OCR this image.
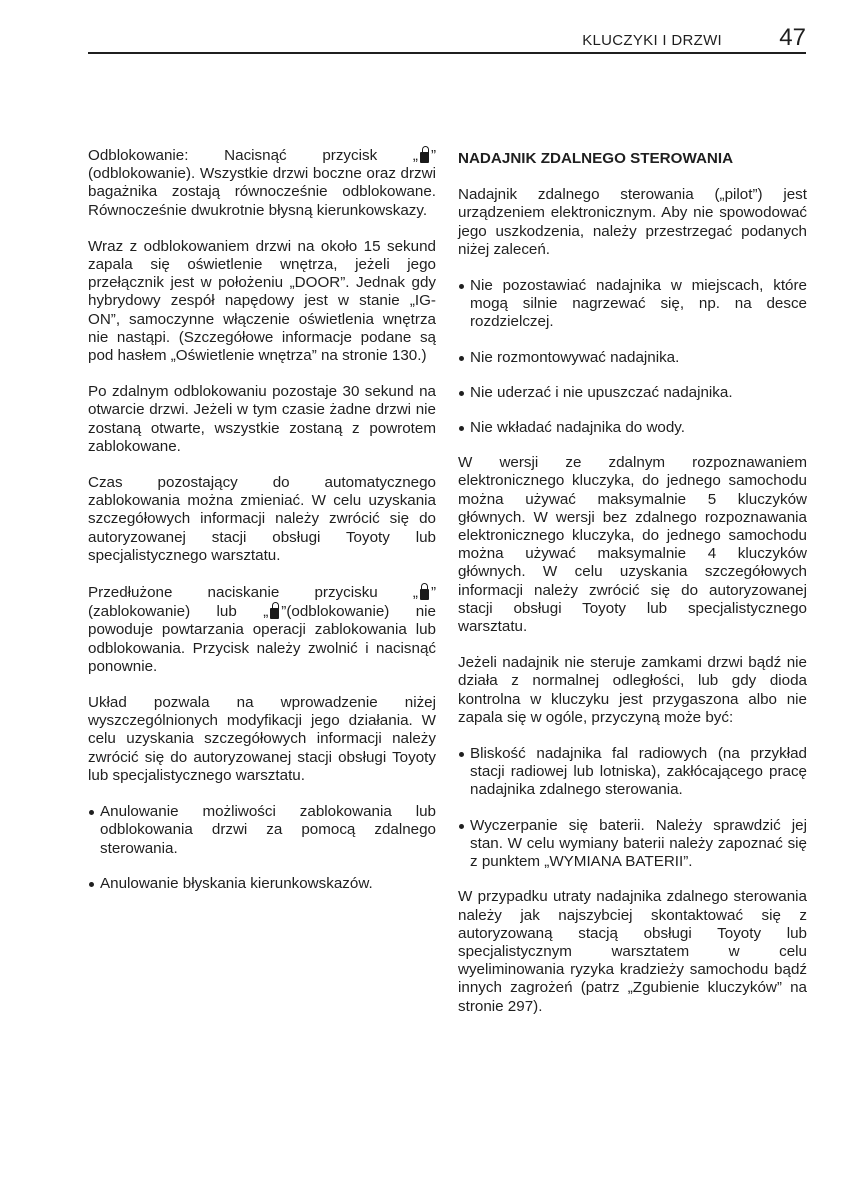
KLUCZYKI I DRZWI 47

Odblokowanie: Nacisnąć przycisk „ ” (odblokowanie). Wszystkie drzwi boczne oraz drzwi bagażnika zostają równocześnie odblokowane. Równocześnie dwukrotnie błysną kierunkowskazy.

Wraz z odblokowaniem drzwi na około 15 sekund zapala się oświetlenie wnętrza, jeżeli jego przełącznik jest w położeniu „DOOR”. Jednak gdy hybrydowy zespół napędowy jest w stanie „IG- ON”, samoczynne włączenie oświetlenia wnętrza nie nastąpi. (Szczegółowe informacje podane są pod hasłem „Oświetlenie wnętrza” na stronie 130.)

Po zdalnym odblokowaniu pozostaje 30 sekund na otwarcie drzwi. Jeżeli w tym czasie żadne drzwi nie zostaną otwarte, wszystkie zostaną z powrotem zablokowane.

Czas pozostający do automatycznego zablokowania można zmieniać. W celu uzyskania szczegółowych informacji należy zwrócić się do autoryzowanej stacji obsługi Toyoty lub specjalistycznego warsztatu.

Przedłużone naciskanie przycisku „ ” (zablokowanie) lub „ ”(odblokowanie) nie powoduje powtarzania operacji zablokowania lub odblokowania. Przycisk należy zwolnić i nacisnąć ponownie.

Układ pozwala na wprowadzenie niżej wyszczególnionych modyfikacji jego działania. W celu uzyskania szczegółowych informacji należy zwrócić się do autoryzowanej stacji obsługi Toyoty lub specjalistycznego warsztatu.

Anulowanie możliwości zablokowania lub odblokowania drzwi za pomocą zdalnego sterowania.
Anulowanie błyskania kierunkowskazów.

NADAJNIK ZDALNEGO STEROWANIA

Nadajnik zdalnego sterowania („pilot”) jest urządzeniem elektronicznym. Aby nie spowodować jego uszkodzenia, należy przestrzegać podanych niżej zaleceń.

Nie pozostawiać nadajnika w miejscach, które mogą silnie nagrzewać się, np. na desce rozdzielczej.
Nie rozmontowywać nadajnika.
Nie uderzać i nie upuszczać nadajnika.
Nie wkładać nadajnika do wody.

W wersji ze zdalnym rozpoznawaniem elektronicznego kluczyka, do jednego samochodu można używać maksymalnie 5 kluczyków głównych. W wersji bez zdalnego rozpoznawania elektronicznego kluczyka, do jednego samochodu można używać maksymalnie 4 kluczyków głównych. W celu uzyskania szczegółowych informacji należy zwrócić się do autoryzowanej stacji obsługi Toyoty lub specjalistycznego warsztatu.

Jeżeli nadajnik nie steruje zamkami drzwi bądź nie działa z normalnej odległości, lub gdy dioda kontrolna w kluczyku jest przygaszona albo nie zapala się w ogóle, przyczyną może być:

Bliskość nadajnika fal radiowych (na przykład stacji radiowej lub lotniska), zakłócającego pracę nadajnika zdalnego sterowania.
Wyczerpanie się baterii. Należy sprawdzić jej stan. W celu wymiany baterii należy zapoznać się z punktem „WYMIANA BATERII”.

W przypadku utraty nadajnika zdalnego sterowania należy jak najszybciej skontaktować się z autoryzowaną stacją obsługi Toyoty lub specjalistycznym warsztatem w celu wyeliminowania ryzyka kradzieży samochodu bądź innych zagrożeń (patrz „Zgubienie kluczyków” na stronie 297).
